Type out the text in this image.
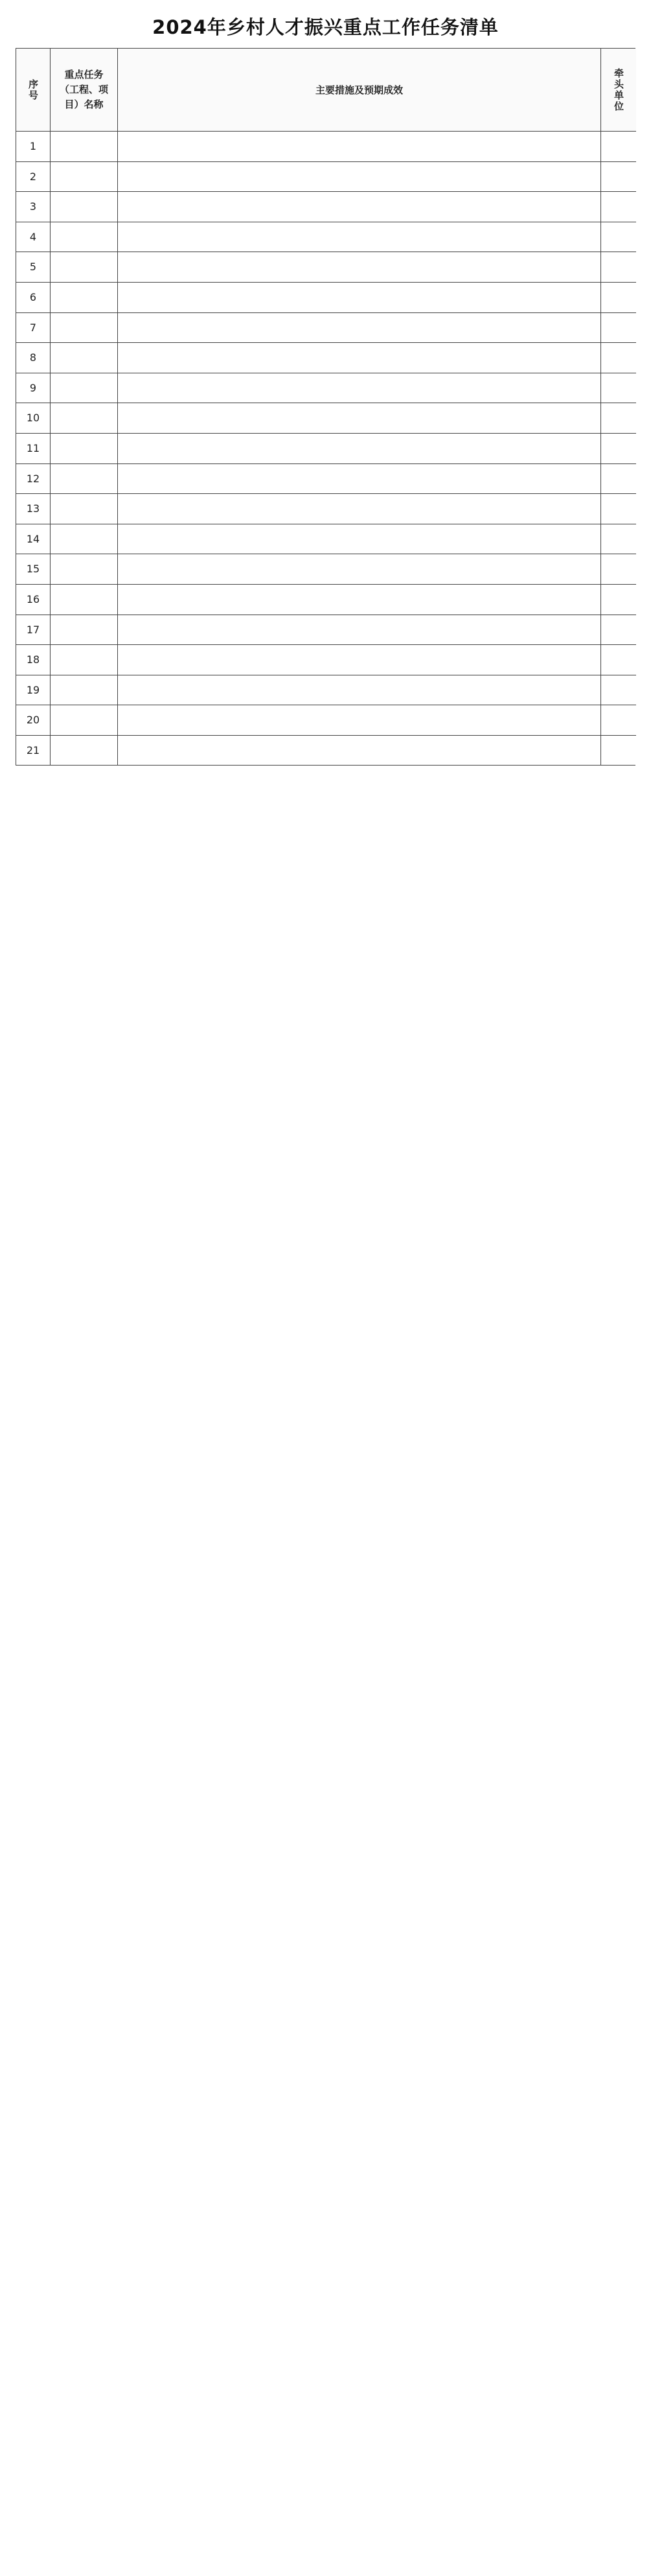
2024年乡村人才振兴重点工作任务清单
序号
重点任务（工程、项目）名称
主要措施及预期成效	牵头单位
1
2
3
4
5
6
7
8
9
10
11
12
13
14
15
16
17
18
19
20
21
